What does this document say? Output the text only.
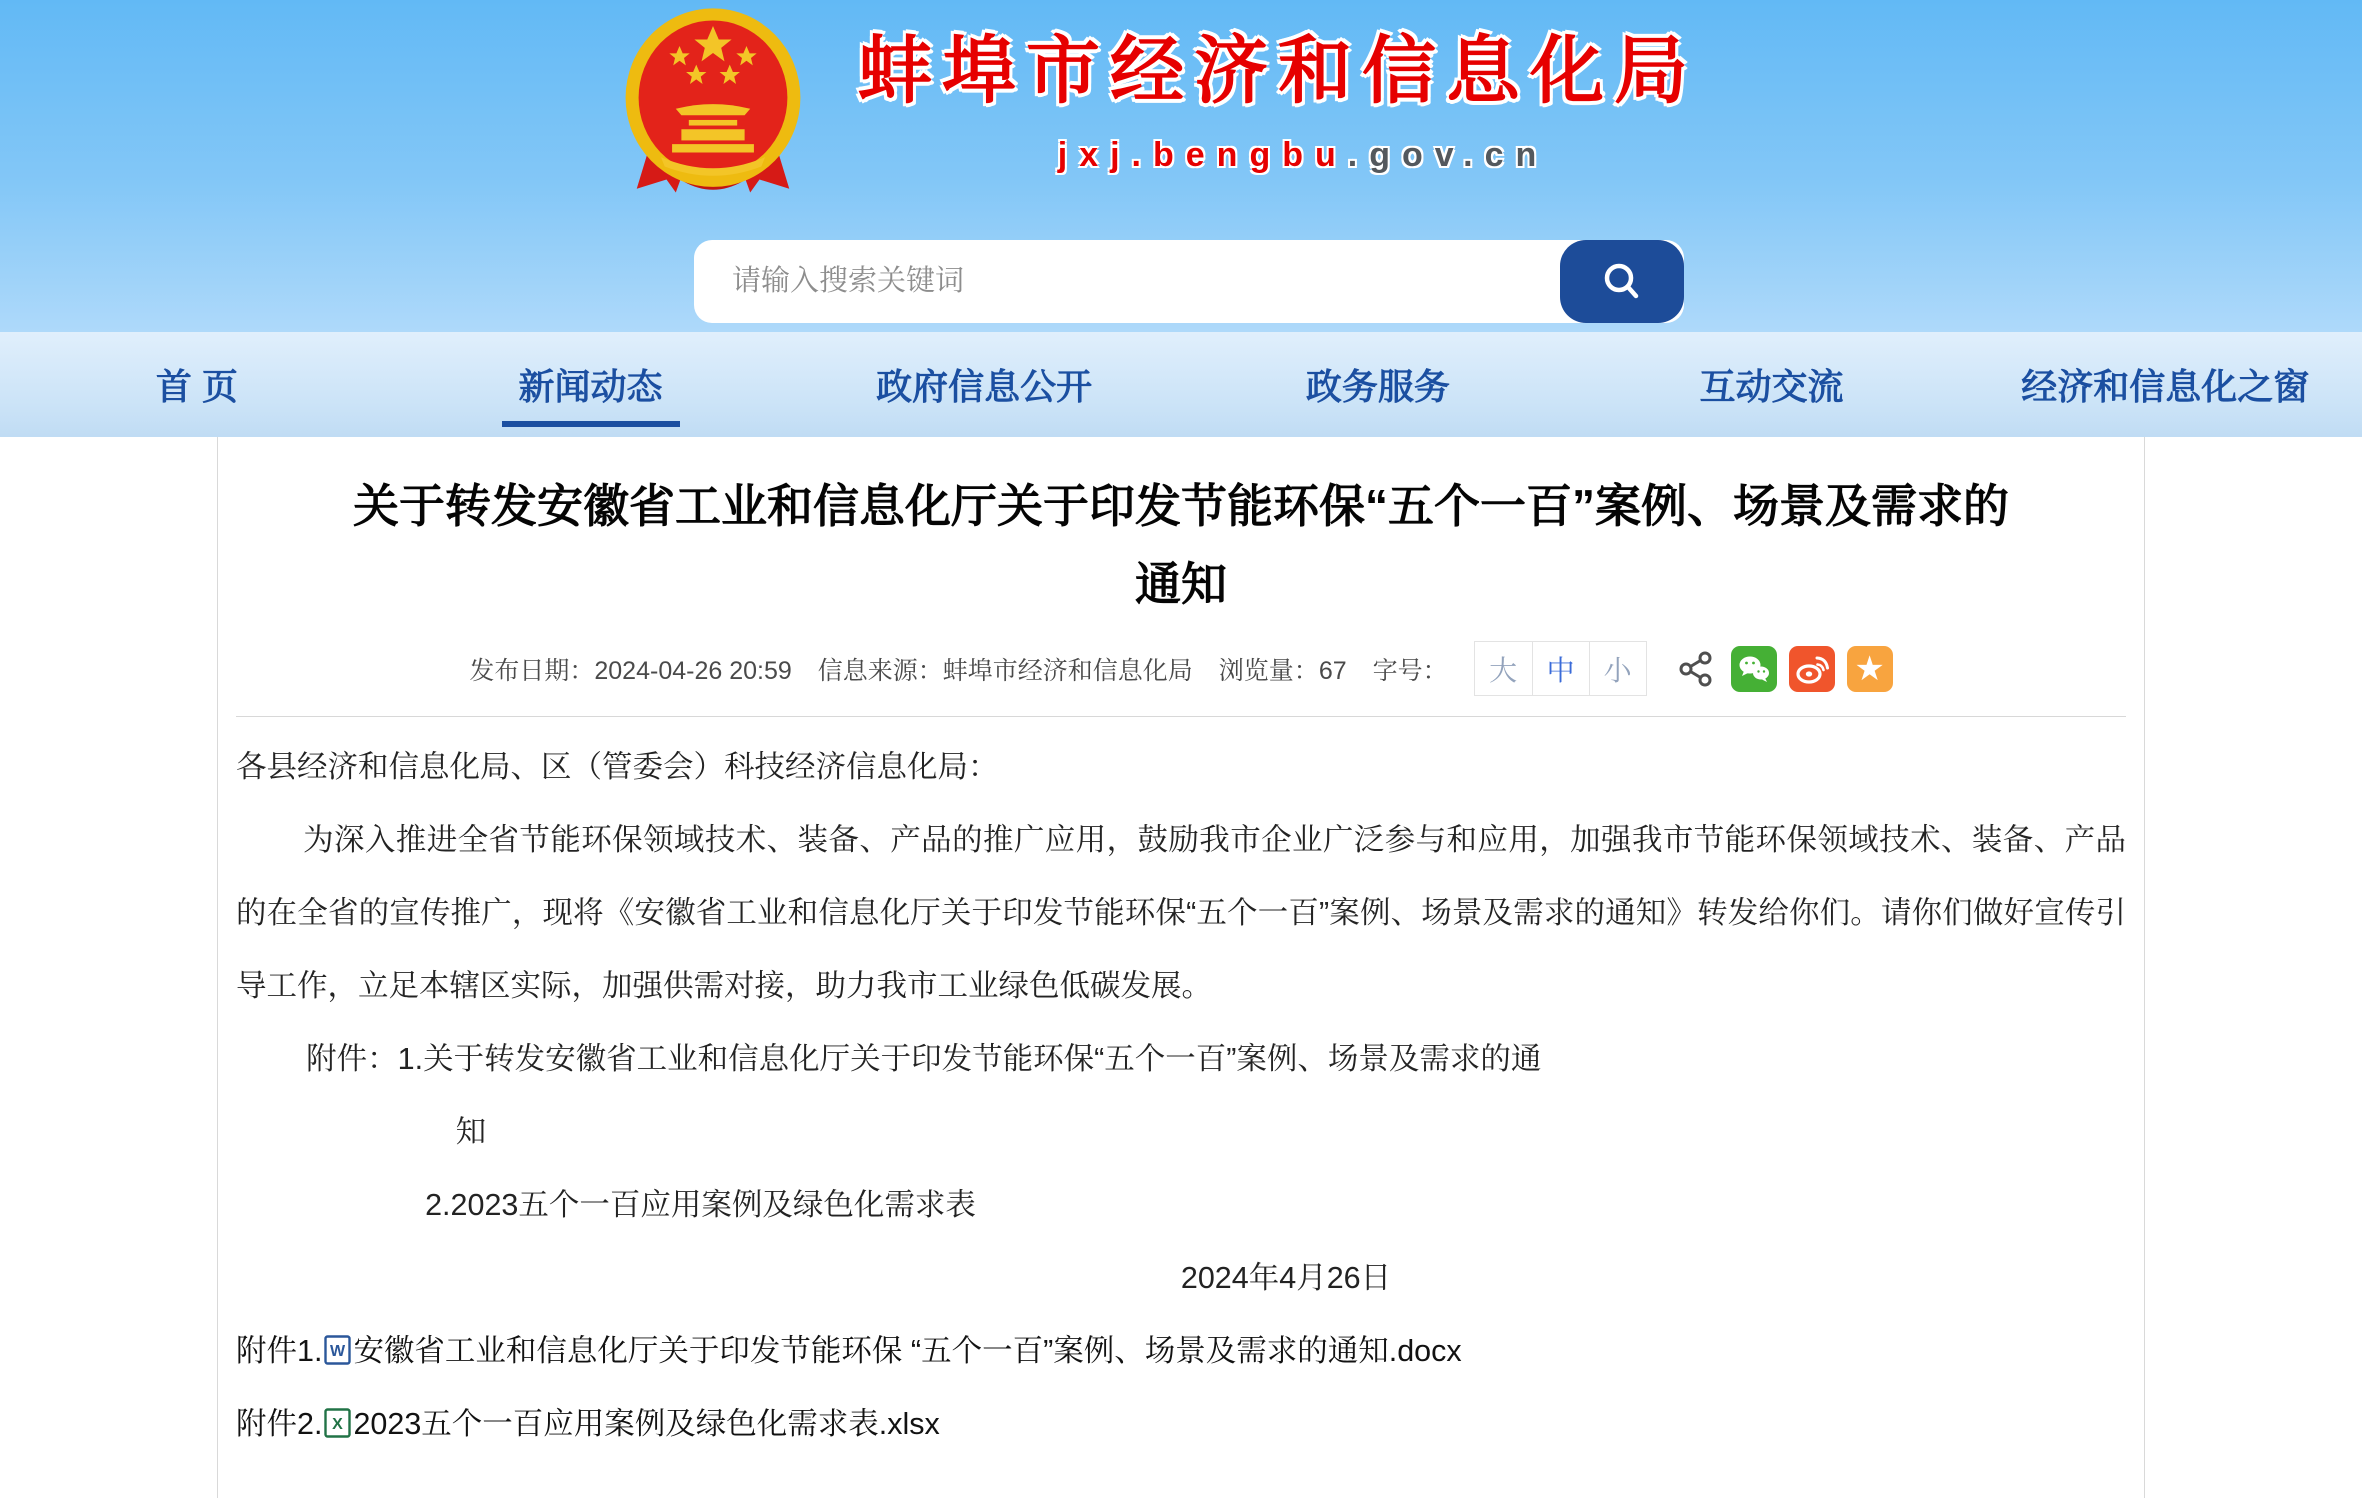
蚌埠市经济和信息化局
jxj.bengbu.gov.cn
请输入搜索关键词
首 页	新闻动态	政府信息公开	政务服务	互动交流	经济和信息化之窗
关于转发安徽省工业和信息化厅关于印发节能环保“五个一百”案例、场景及需求的通知
发布日期：2024-04-26 20:59 信息来源：蚌埠市经济和信息化局 浏览量：67 字号：	大	中	小	★

各县经济和信息化局、区（管委会）科技经济信息化局：

为深入推进全省节能环保领域技术、装备、产品的推广应用，鼓励我市企业广泛参与和应用，加强我市节能环保领域技术、装备、产品的在全省的宣传推广，现将《安徽省工业和信息化厅关于印发节能环保“五个一百”案例、场景及需求的通知》转发给你们。请你们做好宣传引导工作，立足本辖区实际，加强供需对接，助力我市工业绿色低碳发展。

附件：1.关于转发安徽省工业和信息化厅关于印发节能环保“五个一百”案例、场景及需求的通

知

2.2023五个一百应用案例及绿色化需求表

2024年4月26日

附件1. W 安徽省工业和信息化厅关于印发节能环保 “五个一百”案例、场景及需求的通知.docx

附件2. X 2023五个一百应用案例及绿色化需求表.xlsx
